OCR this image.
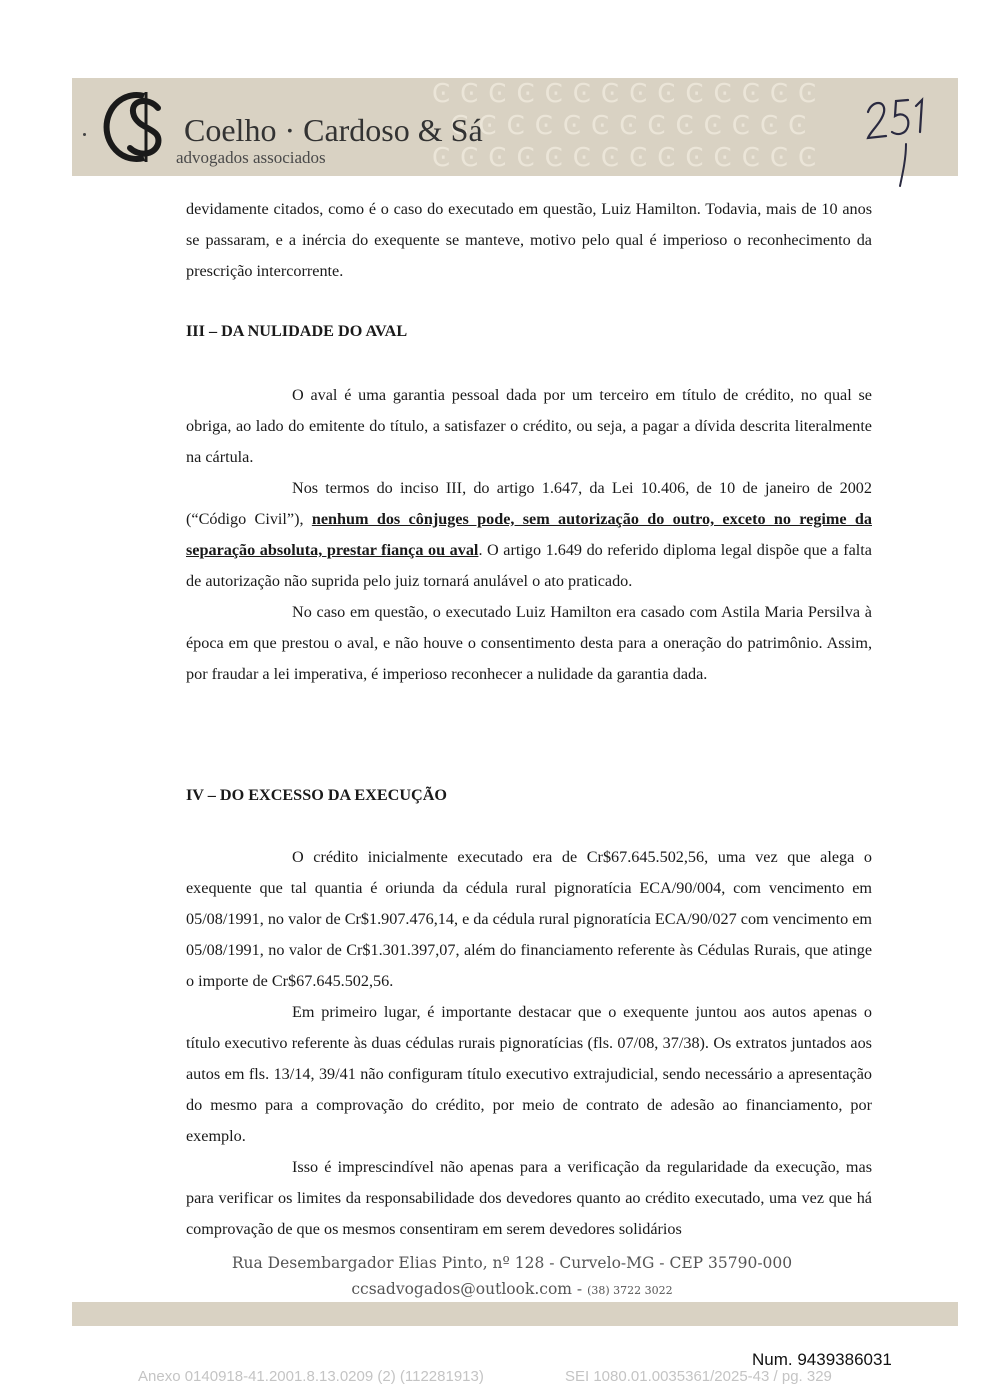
ϾϾϾϾϾϾϾϾϾϾϾϾϾϾ
ϾϾϾϾϾϾϾϾϾϾϾϾϾ
ϾϾϾϾϾϾϾϾϾϾϾϾϾϾ
Coelho · Cardoso & Sá
advogados associados

devidamente citados, como é o caso do executado em questão, Luiz Hamilton. Todavia, mais de 10 anos se passaram, e a inércia do exequente se manteve, motivo pelo qual é imperioso o reconhecimento da prescrição intercorrente.

III – DA NULIDADE DO AVAL

O aval é uma garantia pessoal dada por um terceiro em título de crédito, no qual se obriga, ao lado do emitente do título, a satisfazer o crédito, ou seja, a pagar a dívida descrita literalmente na cártula.

Nos termos do inciso III, do artigo 1.647, da Lei 10.406, de 10 de janeiro de 2002 (“Código Civil”), nenhum dos cônjuges pode, sem autorização do outro, exceto no regime da separação absoluta, prestar fiança ou aval. O artigo 1.649 do referido diploma legal dispõe que a falta de autorização não suprida pelo juiz tornará anulável o ato praticado.

No caso em questão, o executado Luiz Hamilton era casado com Astila Maria Persilva à época em que prestou o aval, e não houve o consentimento desta para a oneração do patrimônio. Assim, por fraudar a lei imperativa, é imperioso reconhecer a nulidade da garantia dada.

IV – DO EXCESSO DA EXECUÇÃO

O crédito inicialmente executado era de Cr$67.645.502,56, uma vez que alega o exequente que tal quantia é oriunda da cédula rural pignoratícia ECA/90/004, com vencimento em 05/08/1991, no valor de Cr$1.907.476,14, e da cédula rural pignoratícia ECA/90/027 com vencimento em 05/08/1991, no valor de Cr$1.301.397,07, além do financiamento referente às Cédulas Rurais, que atinge o importe de Cr$67.645.502,56.

Em primeiro lugar, é importante destacar que o exequente juntou aos autos apenas o título executivo referente às duas cédulas rurais pignoratícias (fls. 07/08, 37/38). Os extratos juntados aos autos em fls. 13/14, 39/41 não configuram título executivo extrajudicial, sendo necessário a apresentação do mesmo para a comprovação do crédito, por meio de contrato de adesão ao financiamento, por exemplo.

Isso é imprescindível não apenas para a verificação da regularidade da execução, mas para verificar os limites da responsabilidade dos devedores quanto ao crédito executado, uma vez que há comprovação de que os mesmos consentiram em serem devedores solidários

Rua Desembargador Elias Pinto, nº 128 - Curvelo-MG - CEP 35790-000
ccsadvogados@outlook.com - (38) 3722 3022
Num. 9439386031
Anexo 0140918-41.2001.8.13.0209 (2) (112281913)	SEI 1080.01.0035361/2025-43 / pg. 329
